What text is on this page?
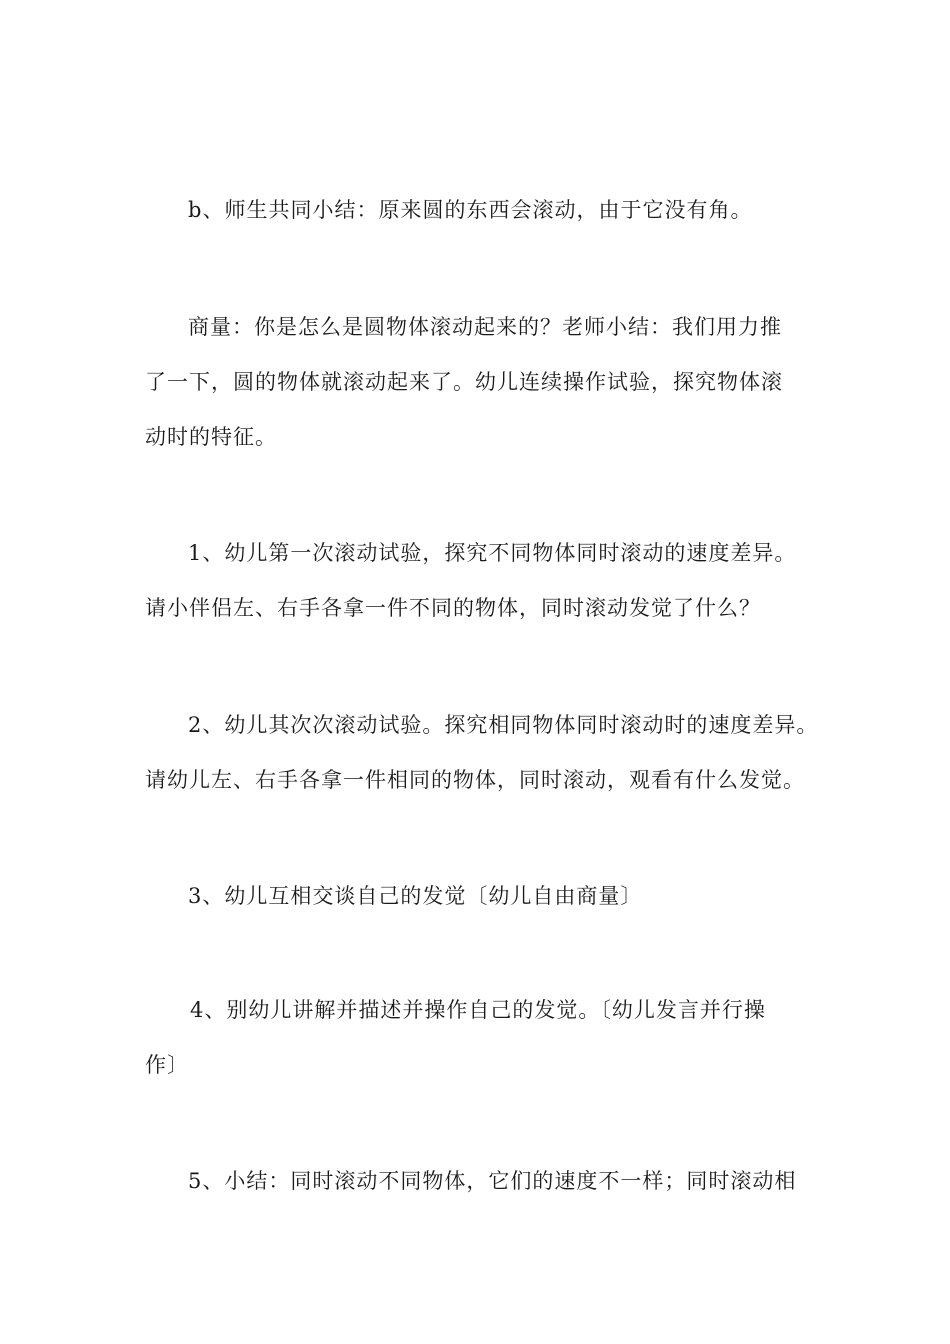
b、师生共同小结：原来圆的东西会滚动，由于它没有角。
商量：你是怎么是圆物体滚动起来的？老师小结：我们用力推
了一下，圆的物体就滚动起来了。幼儿连续操作试验，探究物体滚
动时的特征。
1、幼儿第一次滚动试验，探究不同物体同时滚动的速度差异。
请小伴侣左、右手各拿一件不同的物体，同时滚动发觉了什么？
2、幼儿其次次滚动试验。探究相同物体同时滚动时的速度差异。
请幼儿左、右手各拿一件相同的物体，同时滚动，观看有什么发觉。
3、幼儿互相交谈自己的发觉〔幼儿自由商量〕
4、别幼儿讲解并描述并操作自己的发觉。〔幼儿发言并行操
作〕
5、小结：同时滚动不同物体，它们的速度不一样；同时滚动相
